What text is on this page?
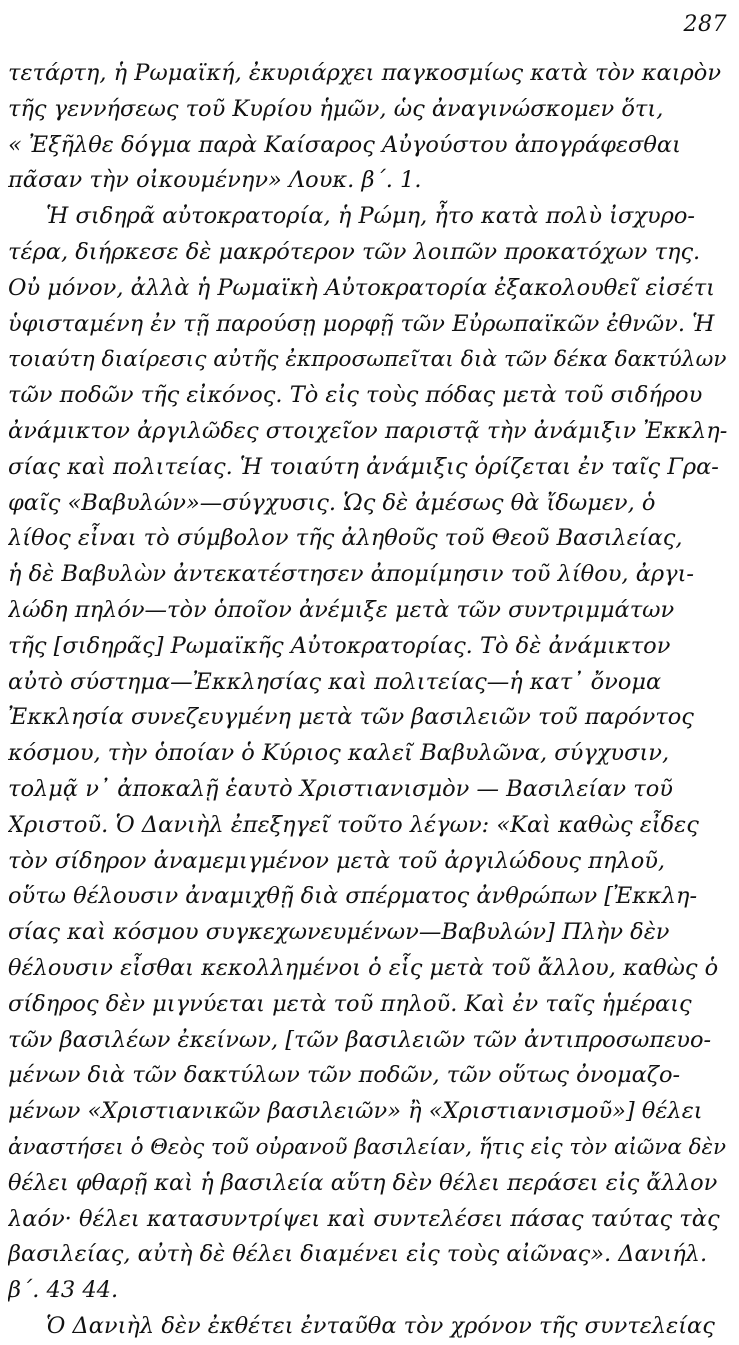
287
τετάρτη, ἡ Ρωμαϊκή, ἐκυριάρχει παγκοσμίως κατὰ τὸν καιρὸν
τῆς γεννήσεως τοῦ Κυρίου ἡμῶν, ὡς ἀναγινώσκομεν ὅτι,
« Ἐξῆλθε δόγμα παρὰ Καίσαρος Αὐγούστου ἀπογράφεσθαι
πᾶσαν τὴν οἰκουμένην» Λουκ. β΄. 1.
Ἡ σιδηρᾶ αὐτοκρατορία, ἡ Ρώμη, ἦτο κατὰ πολὺ ἰσχυρο-
τέρα, διήρκεσε δὲ μακρότερον τῶν λοιπῶν προκατόχων της.
Οὐ μόνον, ἀλλὰ ἡ Ρωμαϊκὴ Αὐτοκρατορία ἐξακολουθεῖ εἰσέτι
ὑφισταμένη ἐν τῇ παρούσῃ μορφῇ τῶν Εὐρωπαϊκῶν ἐθνῶν. Ἡ
τοιαύτη διαίρεσις αὐτῆς ἐκπροσωπεῖται διὰ τῶν δέκα δακτύλων
τῶν ποδῶν τῆς εἰκόνος. Τὸ εἰς τοὺς πόδας μετὰ τοῦ σιδήρου
ἀνάμικτον ἀργιλῶδες στοιχεῖον παριστᾷ τὴν ἀνάμιξιν Ἐκκλη-
σίας καὶ πολιτείας. Ἡ τοιαύτη ἀνάμιξις ὁρίζεται ἐν ταῖς Γρα-
φαῖς «Βαβυλών»—σύγχυσις. Ὡς δὲ ἀμέσως θὰ ἴδωμεν, ὁ
λίθος εἶναι τὸ σύμβολον τῆς ἀληθοῦς τοῦ Θεοῦ Βασιλείας,
ἡ δὲ Βαβυλὼν ἀντεκατέστησεν ἀπομίμησιν τοῦ λίθου, ἀργι-
λώδη πηλόν—τὸν ὁποῖον ἀνέμιξε μετὰ τῶν συντριμμάτων
τῆς [σιδηρᾶς] Ρωμαϊκῆς Αὐτοκρατορίας. Τὸ δὲ ἀνάμικτον
αὐτὸ σύστημα—Ἐκκλησίας καὶ πολιτείας—ἡ κατ᾽ ὄνομα
Ἐκκλησία συνεζευγμένη μετὰ τῶν βασιλειῶν τοῦ παρόντος
κόσμου, τὴν ὁποίαν ὁ Κύριος καλεῖ Βαβυλῶνα, σύγχυσιν,
τολμᾷ ν᾽ ἀποκαλῇ ἑαυτὸ Χριστιανισμὸν — Βασιλείαν τοῦ
Χριστοῦ. Ὁ Δανιὴλ ἐπεξηγεῖ τοῦτο λέγων: «Καὶ καθὼς εἶδες
τὸν σίδηρον ἀναμεμιγμένον μετὰ τοῦ ἀργιλώδους πηλοῦ,
οὕτω θέλουσιν ἀναμιχθῇ διὰ σπέρματος ἀνθρώπων [Ἐκκλη-
σίας καὶ κόσμου συγκεχωνευμένων—Βαβυλών] Πλὴν δὲν
θέλουσιν εἶσθαι κεκολλημένοι ὁ εἷς μετὰ τοῦ ἄλλου, καθὼς ὁ
σίδηρος δὲν μιγνύεται μετὰ τοῦ πηλοῦ. Καὶ ἐν ταῖς ἡμέραις
τῶν βασιλέων ἐκείνων, [τῶν βασιλειῶν τῶν ἀντιπροσωπευο-
μένων διὰ τῶν δακτύλων τῶν ποδῶν, τῶν οὕτως ὀνομαζο-
μένων «Χριστιανικῶν βασιλειῶν» ἢ «Χριστιανισμοῦ»] θέλει
ἀναστήσει ὁ Θεὸς τοῦ οὐρανοῦ βασιλείαν, ἥτις εἰς τὸν αἰῶνα δὲν
θέλει φθαρῇ καὶ ἡ βασιλεία αὕτη δὲν θέλει περάσει εἰς ἄλλον
λαόν· θέλει κατασυντρίψει καὶ συντελέσει πάσας ταύτας τὰς
βασιλείας, αὐτὴ δὲ θέλει διαμένει εἰς τοὺς αἰῶνας». Δανιήλ.
β΄. 43 44.
Ὁ Δανιὴλ δὲν ἐκθέτει ἐνταῦθα τὸν χρόνον τῆς συντελείας
